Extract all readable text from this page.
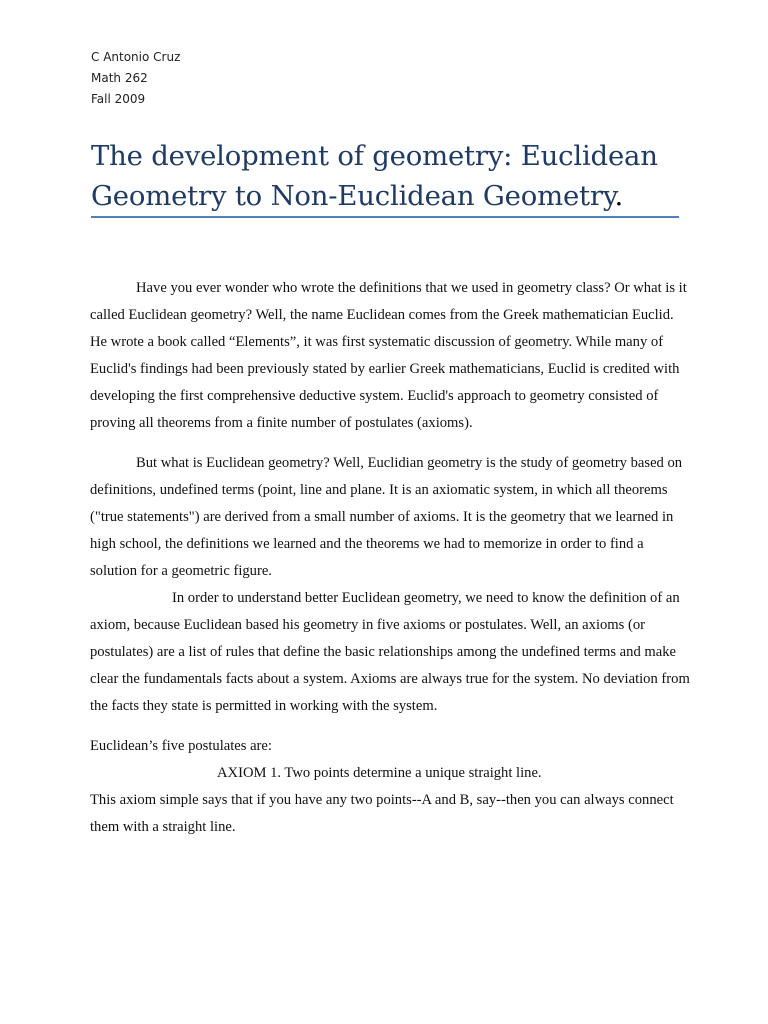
C Antonio Cruz
Math 262
Fall 2009
The development of geometry: Euclidean Geometry to Non-Euclidean Geometry.

Have you ever wonder who wrote the definitions that we used in geometry class? Or what is it called Euclidean geometry? Well, the name Euclidean comes from the Greek mathematician Euclid. He wrote a book called “Elements”, it was first systematic discussion of geometry. While many of Euclid's findings had been previously stated by earlier Greek mathematicians, Euclid is credited with developing the first comprehensive deductive system. Euclid's approach to geometry consisted of proving all theorems from a finite number of postulates (axioms).

But what is Euclidean geometry? Well, Euclidian geometry is the study of geometry based on definitions, undefined terms (point, line and plane. It is an axiomatic system, in which all theorems ("true statements") are derived from a small number of axioms. It is the geometry that we learned in high school, the definitions we learned and the theorems we had to memorize in order to find a solution for a geometric figure.

In order to understand better Euclidean geometry, we need to know the definition of an axiom, because Euclidean based his geometry in five axioms or postulates. Well, an axioms (or postulates) are a list of rules that define the basic relationships among the undefined terms and make clear the fundamentals facts about a system. Axioms are always true for the system. No deviation from the facts they state is permitted in working with the system.

Euclidean’s five postulates are:

AXIOM 1. Two points determine a unique straight line.

This axiom simple says that if you have any two points--A and B, say--then you can always connect them with a straight line.
